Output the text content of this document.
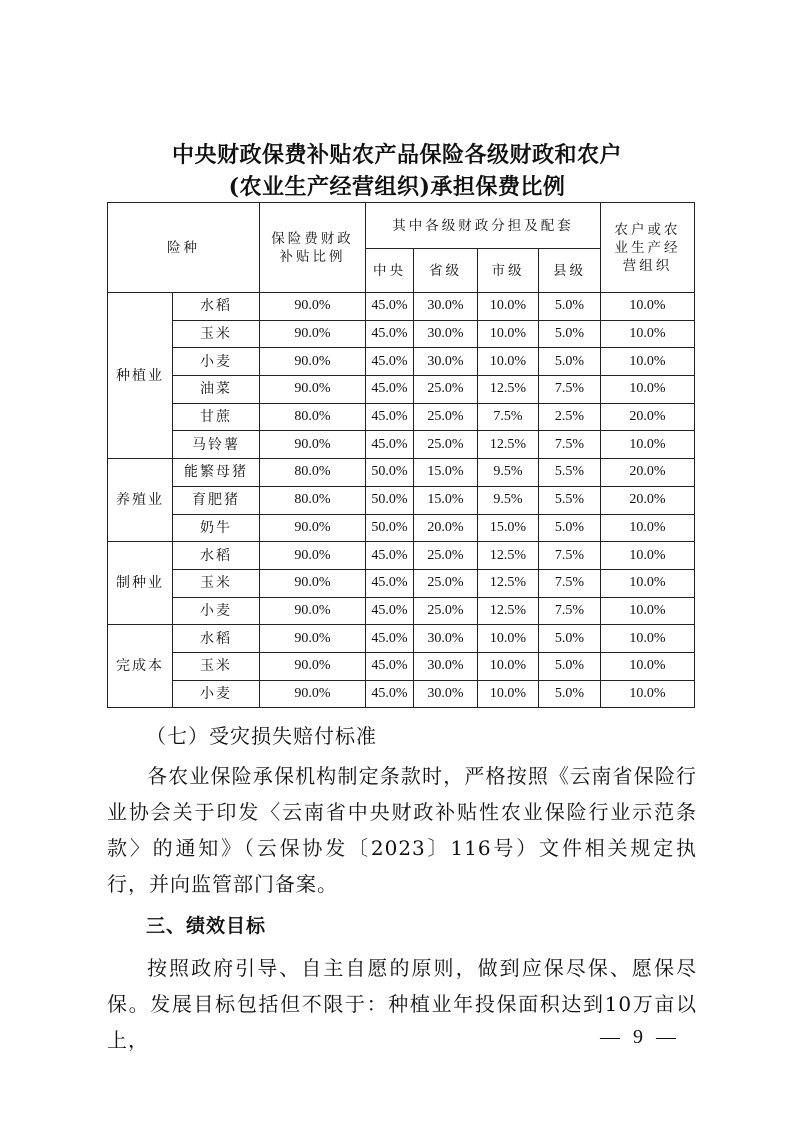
中央财政保费补贴农产品保险各级财政和农户
(农业生产经营组织)承担保费比例
险种		保险费财政补贴比例	其中各级财政分担及配套				农户或农业生产经营组织
			中央	省级	市级	县级	
种植业	水稻	90.0%	45.0%	30.0%	10.0%	5.0%	10.0%
	玉米	90.0%	45.0%	30.0%	10.0%	5.0%	10.0%
	小麦	90.0%	45.0%	30.0%	10.0%	5.0%	10.0%
	油菜	90.0%	45.0%	25.0%	12.5%	7.5%	10.0%
	甘蔗	80.0%	45.0%	25.0%	7.5%	2.5%	20.0%
	马铃薯	90.0%	45.0%	25.0%	12.5%	7.5%	10.0%
养殖业	能繁母猪	80.0%	50.0%	15.0%	9.5%	5.5%	20.0%
	育肥猪	80.0%	50.0%	15.0%	9.5%	5.5%	20.0%
	奶牛	90.0%	50.0%	20.0%	15.0%	5.0%	10.0%
制种业	水稻	90.0%	45.0%	25.0%	12.5%	7.5%	10.0%
	玉米	90.0%	45.0%	25.0%	12.5%	7.5%	10.0%
	小麦	90.0%	45.0%	25.0%	12.5%	7.5%	10.0%
完成本	水稻	90.0%	45.0%	30.0%	10.0%	5.0%	10.0%
	玉米	90.0%	45.0%	30.0%	10.0%	5.0%	10.0%
	小麦	90.0%	45.0%	30.0%	10.0%	5.0%	10.0%
（七）受灾损失赔付标准

各农业保险承保机构制定条款时，严格按照《云南省保险行业协会关于印发〈云南省中央财政补贴性农业保险行业示范条款〉的通知》（云保协发〔2023〕116号）文件相关规定执行，并向监管部门备案。

三、绩效目标

按照政府引导、自主自愿的原则，做到应保尽保、愿保尽保。发展目标包括但不限于：种植业年投保面积达到10万亩以上，	— 9 —
